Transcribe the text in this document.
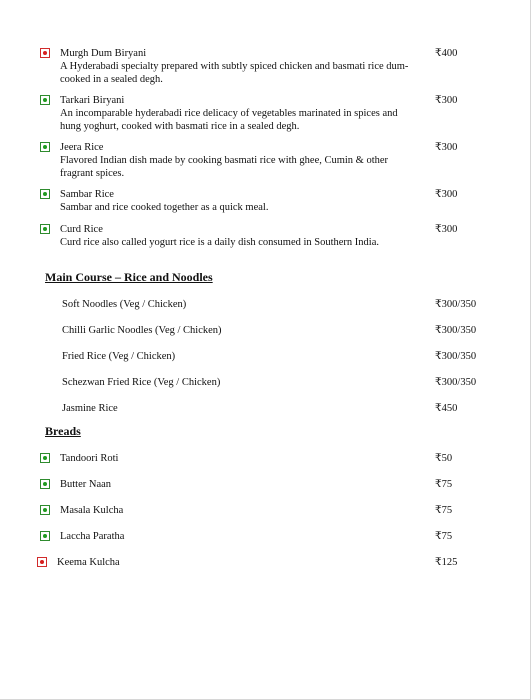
Murgh Dum Biryani
A Hyderabadi specialty prepared with subtly spiced chicken and basmati rice dum-cooked in a sealed degh.
₹400
Tarkari Biryani
An incomparable hyderabadi rice delicacy of vegetables marinated in spices and hung yoghurt, cooked with basmati rice in a sealed degh.
₹300
Jeera Rice
Flavored Indian dish made by cooking basmati rice with ghee, Cumin & other fragrant spices.
₹300
Sambar Rice
Sambar and rice cooked together as a quick meal.
₹300
Curd Rice
Curd rice also called yogurt rice is a daily dish consumed in Southern India.
₹300
Main Course – Rice and Noodles
Soft Noodles (Veg / Chicken)	₹300/350
Chilli Garlic Noodles (Veg / Chicken)	₹300/350
Fried Rice (Veg / Chicken)	₹300/350
Schezwan Fried Rice (Veg / Chicken)	₹300/350
Jasmine Rice	₹450
Breads
Tandoori Roti	₹50
Butter Naan	₹75
Masala Kulcha	₹75
Laccha Paratha	₹75
Keema Kulcha	₹125
